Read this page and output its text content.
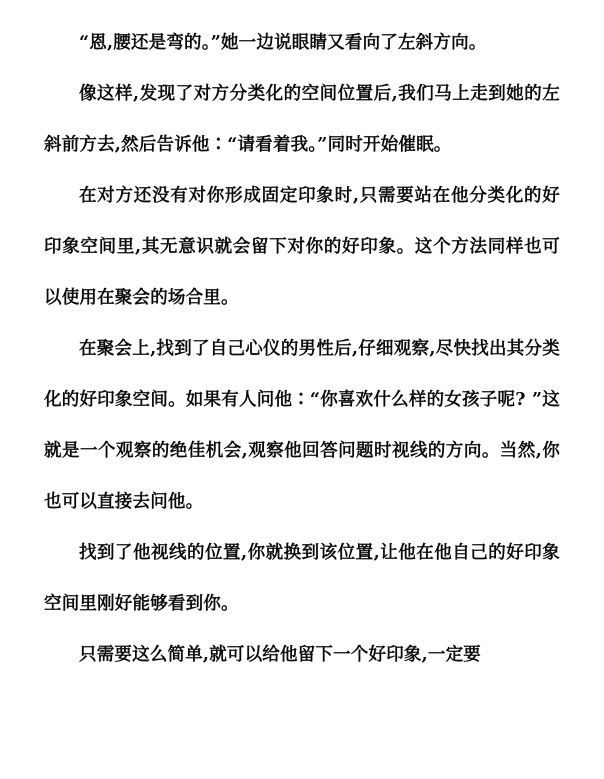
“恩,腰还是弯的。”她一边说眼睛又看向了左斜方向。

像这样,发现了对方分类化的空间位置后,我们马上走到她的左斜前方去,然后告诉他∶“请看着我。”同时开始催眠。

在对方还没有对你形成固定印象时,只需要站在他分类化的好印象空间里,其无意识就会留下对你的好印象。这个方法同样也可以使用在聚会的场合里。

在聚会上,找到了自己心仪的男性后,仔细观察,尽快找出其分类化的好印象空间。如果有人问他∶“你喜欢什么样的女孩子呢? ”这就是一个观察的绝佳机会,观察他回答问题时视线的方向。当然,你也可以直接去问他。

找到了他视线的位置,你就换到该位置,让他在他自己的好印象空间里刚好能够看到你。

只需要这么简单,就可以给他留下一个好印象,一定要
